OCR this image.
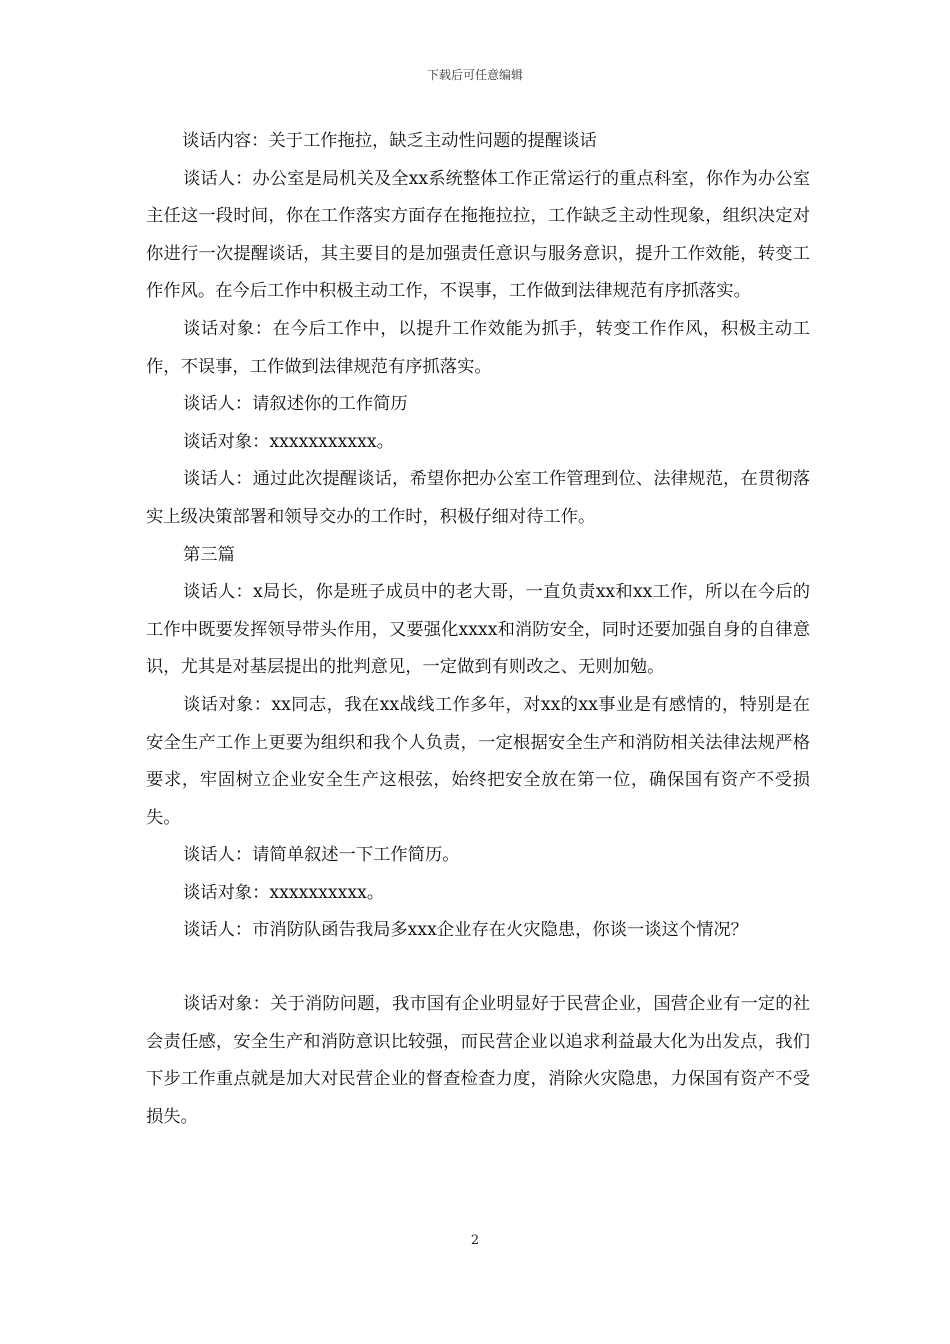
下载后可任意编辑

谈话内容：关于工作拖拉，缺乏主动性问题的提醒谈话

谈话人：办公室是局机关及全xx系统整体工作正常运行的重点科室，你作为办公室主任这一段时间，你在工作落实方面存在拖拖拉拉，工作缺乏主动性现象，组织决定对你进行一次提醒谈话，其主要目的是加强责任意识与服务意识，提升工作效能，转变工作作风。在今后工作中积极主动工作，不误事，工作做到法律规范有序抓落实。

谈话对象：在今后工作中，以提升工作效能为抓手，转变工作作风，积极主动工作，不误事，工作做到法律规范有序抓落实。

谈话人：请叙述你的工作简历

谈话对象：xxxxxxxxxxx。

谈话人：通过此次提醒谈话，希望你把办公室工作管理到位、法律规范，在贯彻落实上级决策部署和领导交办的工作时，积极仔细对待工作。

第三篇

谈话人：x局长，你是班子成员中的老大哥，一直负责xx和xx工作，所以在今后的工作中既要发挥领导带头作用，又要强化xxxx和消防安全，同时还要加强自身的自律意识，尤其是对基层提出的批判意见，一定做到有则改之、无则加勉。

谈话对象：xx同志，我在xx战线工作多年，对xx的xx事业是有感情的，特别是在安全生产工作上更要为组织和我个人负责，一定根据安全生产和消防相关法律法规严格要求，牢固树立企业安全生产这根弦，始终把安全放在第一位，确保国有资产不受损失。

谈话人：请简单叙述一下工作简历。

谈话对象：xxxxxxxxxx。

谈话人：市消防队函告我局多xxx企业存在火灾隐患，你谈一谈这个情况？

谈话对象：关于消防问题，我市国有企业明显好于民营企业，国营企业有一定的社会责任感，安全生产和消防意识比较强，而民营企业以追求利益最大化为出发点，我们下步工作重点就是加大对民营企业的督查检查力度，消除火灾隐患，力保国有资产不受损失。

2
